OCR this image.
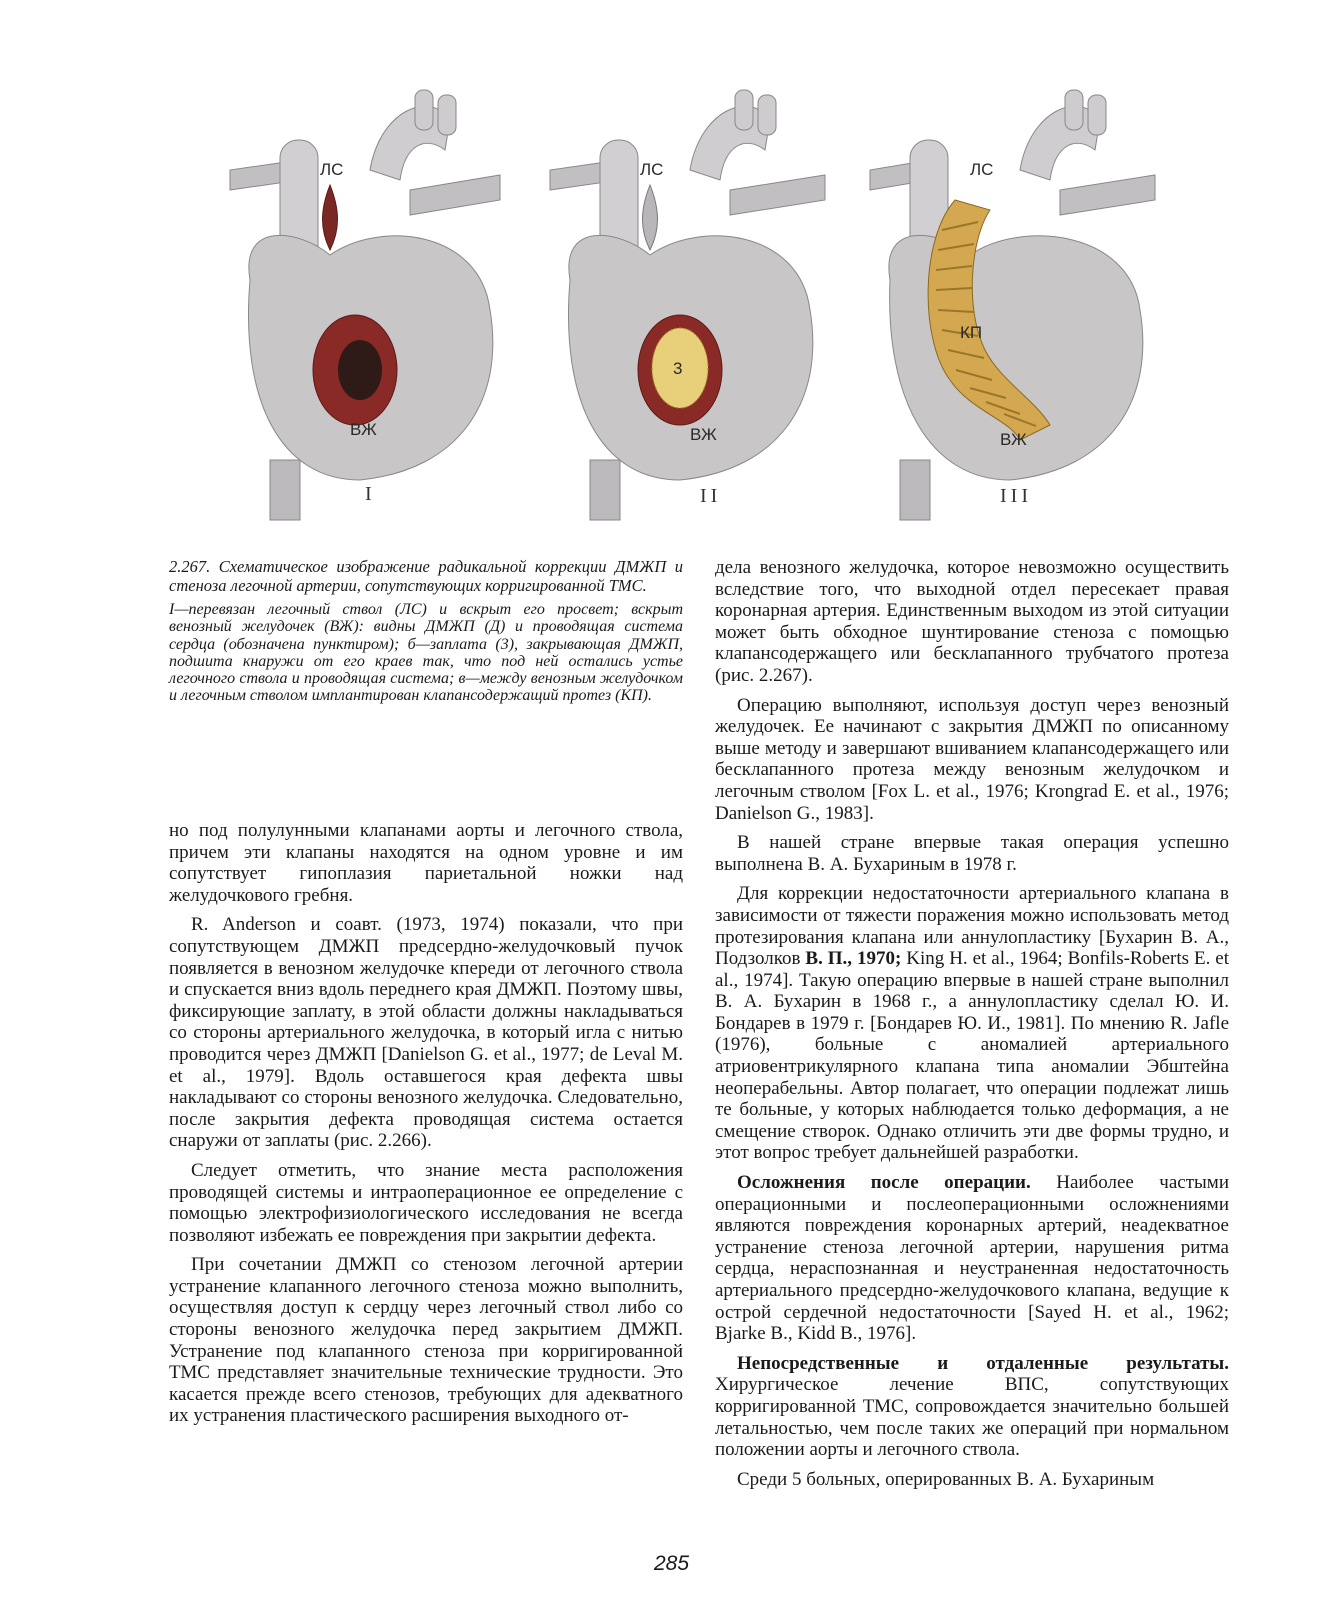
ЛС
ВЖ
I
ЛС
3
ВЖ
II
ЛС
КП
ВЖ
III

2.267. Схематическое изображение радикальной коррекции ДМЖП и стеноза легочной артерии, сопутствующих корригированной ТМС.

I—перевязан легочный ствол (ЛС) и вскрыт его просвет; вскрыт венозный желудочек (ВЖ): видны ДМЖП (Д) и проводящая система сердца (обозначена пунктиром); б—заплата (3), закрывающая ДМЖП, подшита кнаружи от его краев так, что под ней остались устье легочного ствола и проводящая система; в—между венозным желудочком и легочным стволом имплантирован клапансодержащий протез (КП).

но под полулунными клапанами аорты и легочного ствола, причем эти клапаны находятся на одном уровне и им сопутствует гипоплазия париетальной ножки над желудочкового гребня.

R. Anderson и соавт. (1973, 1974) показали, что при сопутствующем ДМЖП предсердно-желудочковый пучок появляется в венозном желудочке кпереди от легочного ствола и спускается вниз вдоль переднего края ДМЖП. Поэтому швы, фиксирующие заплату, в этой области должны накладываться со стороны артериального желудочка, в который игла с нитью проводится через ДМЖП [Danielson G. et al., 1977; de Leval M. et al., 1979]. Вдоль оставшегося края дефекта швы накладывают со стороны венозного желудочка. Следовательно, после закрытия дефекта проводящая система остается снаружи от заплаты (рис. 2.266).

Следует отметить, что знание места расположения проводящей системы и интраоперационное ее определение с помощью электрофизиологического исследования не всегда позволяют избежать ее повреждения при закрытии дефекта.

При сочетании ДМЖП со стенозом легочной артерии устранение клапанного легочного стеноза можно выполнить, осуществляя доступ к сердцу через легочный ствол либо со стороны венозного желудочка перед закрытием ДМЖП. Устранение под клапанного стеноза при корригированной ТМС представляет значительные технические трудности. Это касается прежде всего стенозов, требующих для адекватного их устранения пластического расширения выходного от-

дела венозного желудочка, которое невозможно осуществить вследствие того, что выходной отдел пересекает правая коронарная артерия. Единственным выходом из этой ситуации может быть обходное шунтирование стеноза с помощью клапансодержащего или бесклапанного трубчатого протеза (рис. 2.267).

Операцию выполняют, используя доступ через венозный желудочек. Ее начинают с закрытия ДМЖП по описанному выше методу и завершают вшиванием клапансодержащего или бесклапанного протеза между венозным желудочком и легочным стволом [Fox L. et al., 1976; Krongrad E. et al., 1976; Danielson G., 1983].

В нашей стране впервые такая операция успешно выполнена В. А. Бухариным в 1978 г.

Для коррекции недостаточности артериального клапана в зависимости от тяжести поражения можно использовать метод протезирования клапана или аннулопластику [Бухарин В. А., Подзолков В. П., 1970; King H. et al., 1964; Bonfils-Roberts E. et al., 1974]. Такую операцию впервые в нашей стране выполнил В. А. Бухарин в 1968 г., а аннулопластику сделал Ю. И. Бондарев в 1979 г. [Бондарев Ю. И., 1981]. По мнению R. Jafle (1976), больные с аномалией артериального атриовентрикулярного клапана типа аномалии Эбштейна неоперабельны. Автор полагает, что операции подлежат лишь те больные, у которых наблюдается только деформация, а не смещение створок. Однако отличить эти две формы трудно, и этот вопрос требует дальнейшей разработки.

Осложнения после операции. Наиболее частыми операционными и послеоперационными осложнениями являются повреждения коронарных артерий, неадекватное устранение стеноза легочной артерии, нарушения ритма сердца, нераспознанная и неустраненная недостаточность артериального предсердно-желудочкового клапана, ведущие к острой сердечной недостаточности [Sayed H. et al., 1962; Bjarke B., Kidd B., 1976].

Непосредственные и отдаленные результаты. Хирургическое лечение ВПС, сопутствующих корригированной ТМС, сопровождается значительно большей летальностью, чем после таких же операций при нормальном положении аорты и легочного ствола.

Среди 5 больных, оперированных В. А. Бухариным

285
